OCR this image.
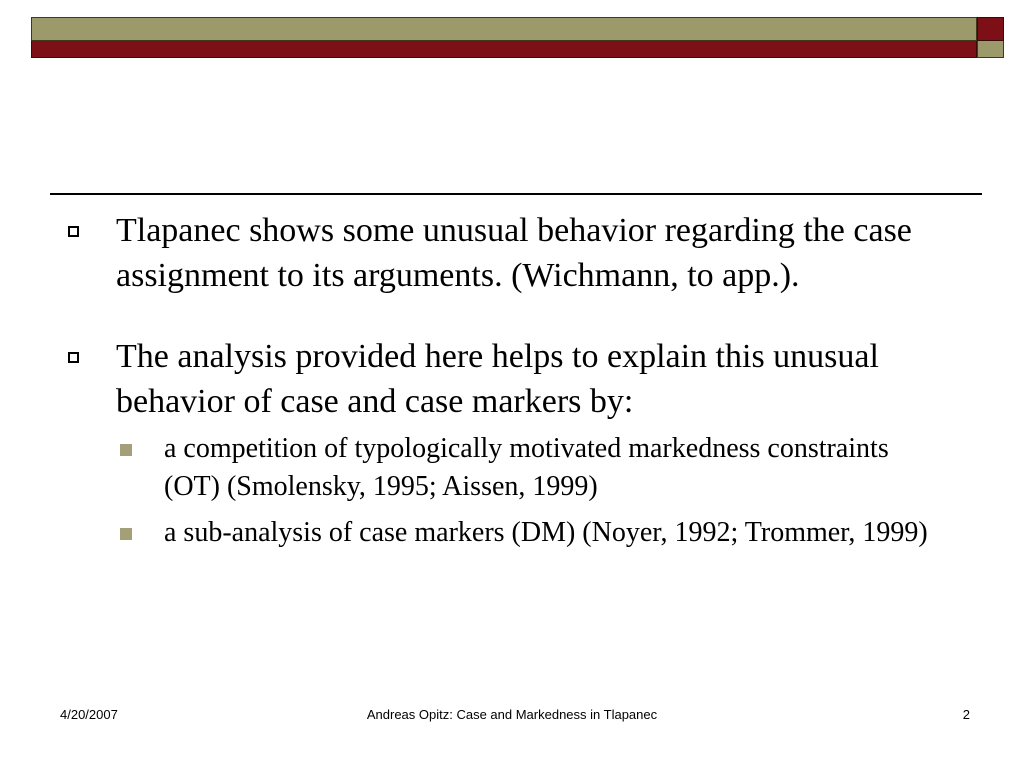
Tlapanec shows some unusual behavior regarding the case assignment to its arguments. (Wichmann, to app.).
The analysis provided here helps to explain this unusual behavior of case and case markers by:
a competition of typologically motivated markedness constraints (OT) (Smolensky, 1995; Aissen, 1999)
a sub-analysis of case markers (DM) (Noyer, 1992; Trommer, 1999)
4/20/2007	Andreas Opitz: Case and Markedness in Tlapanec	2
